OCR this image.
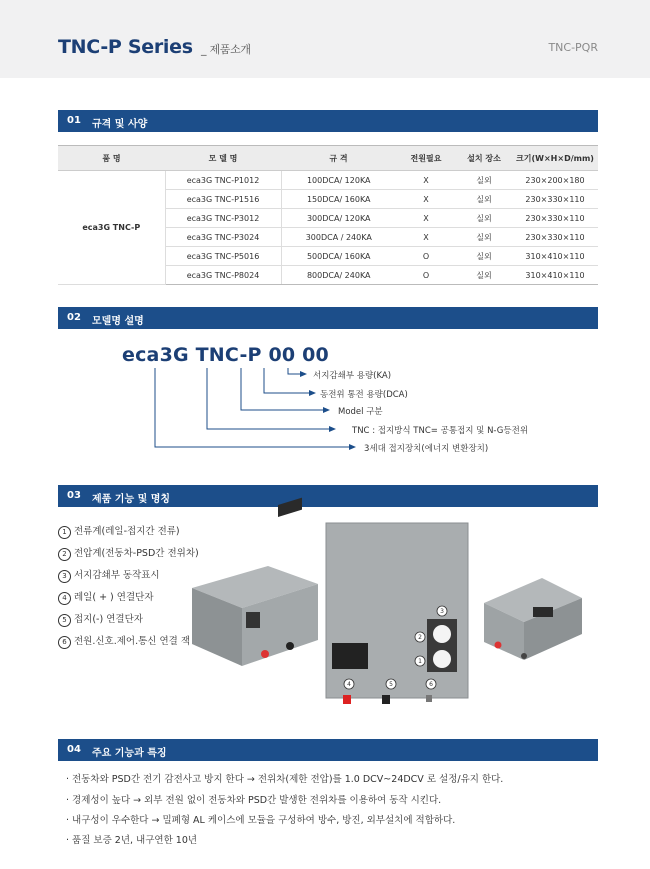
TNC-P Series _ 제품소개	TNC-PQR
01 규격 및 사양
품 명	모 델 명	규 격	전원필요	설치 장소	크기(W×H×D/mm)
eca3G TNC-P	eca3G TNC-P1012	100DCA/ 120KA	X	실외	230×200×180
	eca3G TNC-P1516	150DCA/ 160KA	X	실외	230×330×110
	eca3G TNC-P3012	300DCA/ 120KA	X	실외	230×330×110
	eca3G TNC-P3024	300DCA / 240KA	X	실외	230×330×110
	eca3G TNC-P5016	500DCA/ 160KA	O	실외	310×410×110
	eca3G TNC-P8024	800DCA/ 240KA	O	실외	310×410×110
02 모델명 설명
eca3G TNC-P 00 00
서지감쇄부 용량(KA)
동전위 통전 용량(DCA)
Model 구분
TNC : 접지방식 TNC= 공통접지 및 N-G등전위
3세대 접지장치(에너지 변환장치)
03 제품 기능 및 명칭
1 전류계(레일-접지간 전류)
2 전압계(전동차-PSD간 전위차)
3 서지감쇄부 동작표시
4 레일( + ) 연결단자
5 접지(-) 연결단자
6 전원.신호.제어.통신 연결 잭
3
2
1
4	5	6
04 주요 기능과 특징
· 전동차와 PSD간 전기 감전사고 방지 한다 → 전위차(제한 전압)를 1.0 DCV~24DCV 로 설정/유지 한다.
· 경제성이 높다 → 외부 전원 없이 전동차와 PSD간 발생한 전위차를 이용하여 동작 시킨다.
· 내구성이 우수한다 → 밀폐형 AL 케이스에 모듈을 구성하여 방수, 방진, 외부설치에 적합하다.
· 품질 보증 2년, 내구연한 10년
